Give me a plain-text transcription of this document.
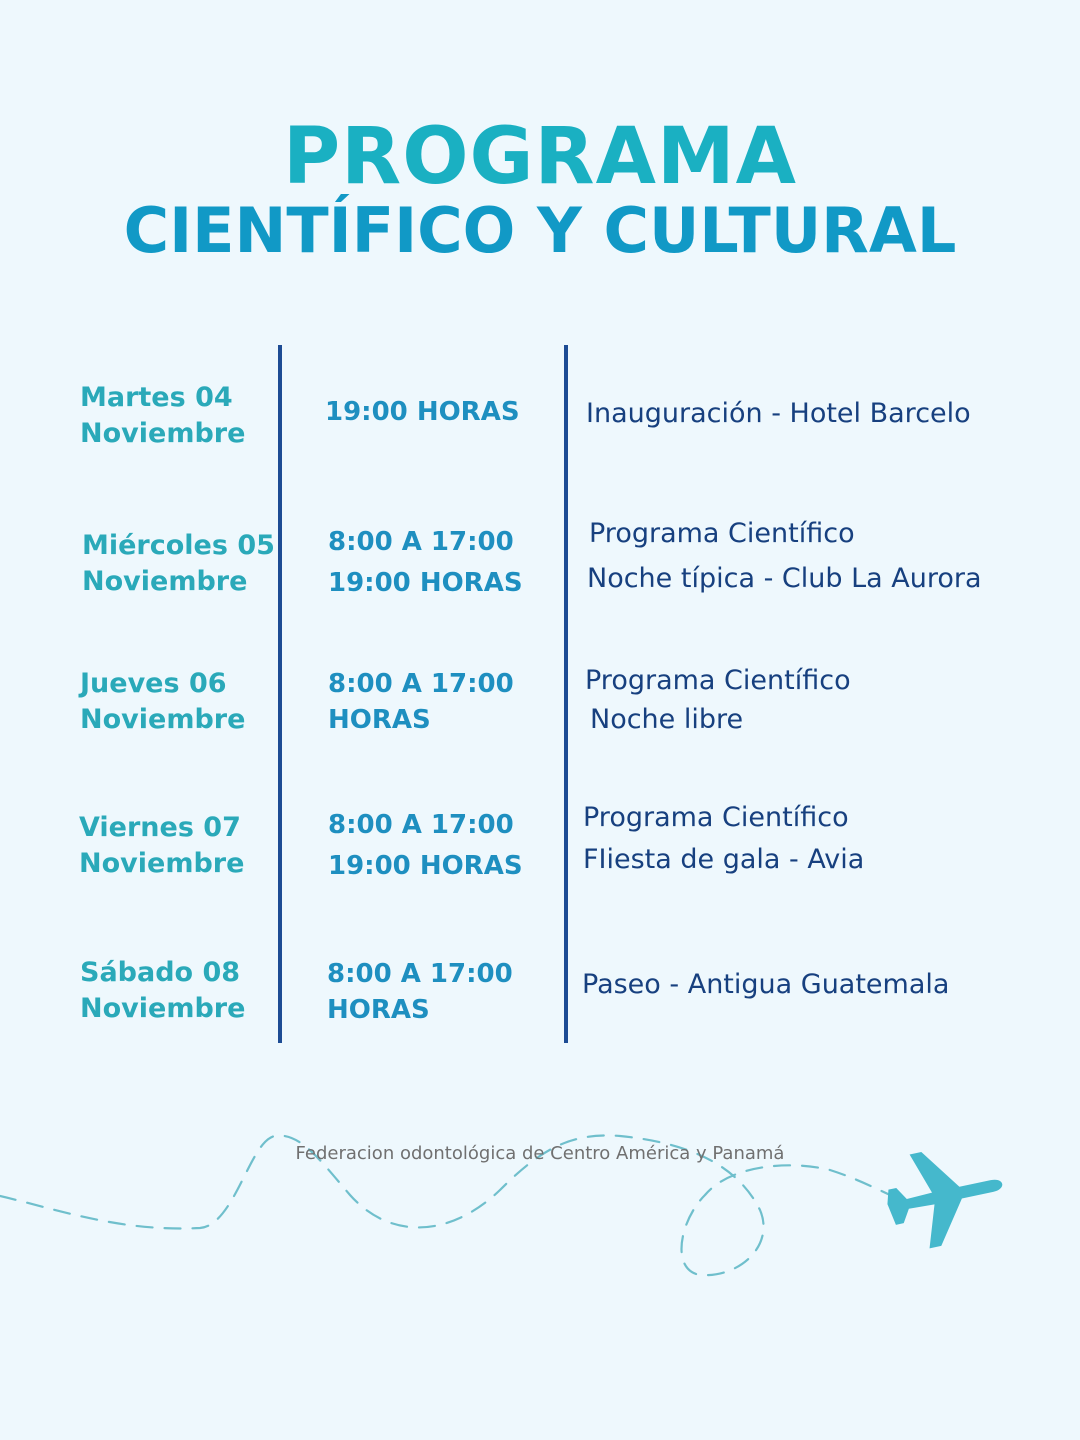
PROGRAMA
CIENTÍFICO Y CULTURAL
Martes 04
Noviembre
19:00 HORAS Inauguración - Hotel Barcelo
Miércoles 05
Noviembre
8:00 A 17:00
19:00 HORAS
Programa Científico
Noche típica - Club La Aurora
Jueves 06
Noviembre
8:00 A 17:00
HORAS
Programa Científico
Noche libre
Viernes 07
Noviembre
8:00 A 17:00
19:00 HORAS
Programa Científico
FIiesta de gala - Avia
Sábado 08
Noviembre
8:00 A 17:00
HORAS
Paseo - Antigua Guatemala
Federacion odontológica de Centro América y Panamá
